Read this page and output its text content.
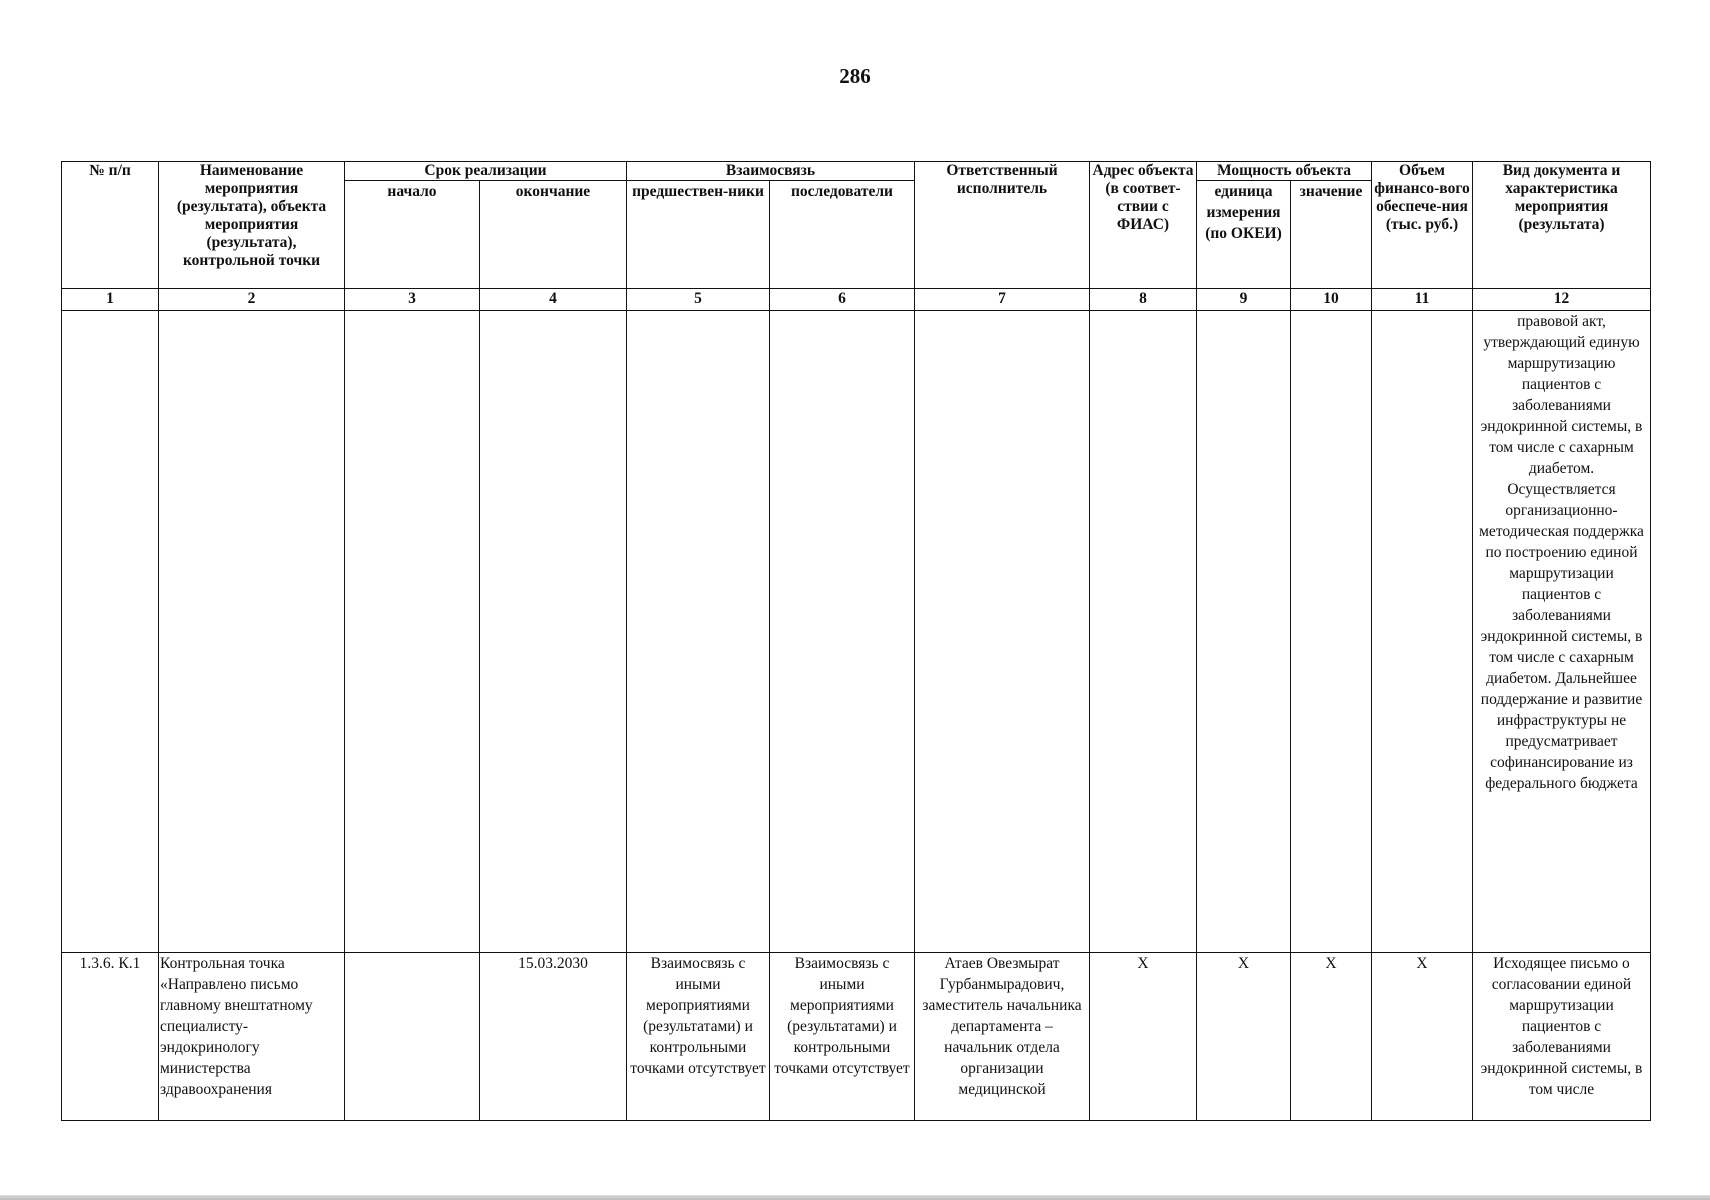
286
№ п/п	Наименование мероприятия (результата), объекта мероприятия (результата), контрольной точки	Срок реализации		Взаимосвязь		Ответственный исполнитель	Адрес объекта (в соответ-ствии с ФИАС)	Мощность объекта		Объем финансо-вого обеспече-ния (тыс. руб.)	Вид документа и характеристика мероприятия (результата)
		начало	окончание	предшествен-ники	последователи			единица измерения (по ОКЕИ)	значение		
1	2	3	4	5	6	7	8	9	10	11	12
											правовой акт, утверждающий единую маршрутизацию пациентов с заболеваниями эндокринной системы, в том числе с сахарным диабетом. Осуществляется организационно-методическая поддержка по построению единой маршрутизации пациентов с заболеваниями эндокринной системы, в том числе с сахарным диабетом. Дальнейшее поддержание и развитие инфраструктуры не предусматривает софинансирование из федерального бюджета
1.3.6. К.1	Контрольная точка «Направлено письмо главному внештатному специалисту-эндокринологу министерства здравоохранения		15.03.2030	Взаимосвязь с иными мероприятиями (результатами) и контрольными точками отсутствует	Взаимосвязь с иными мероприятиями (результатами) и контрольными точками отсутствует	Атаев Овезмырат Гурбанмырадович, заместитель начальника департамента – начальник отдела организации медицинской	X	X	X	X	Исходящее письмо о согласовании единой маршрутизации пациентов с заболеваниями эндокринной системы, в том числе
